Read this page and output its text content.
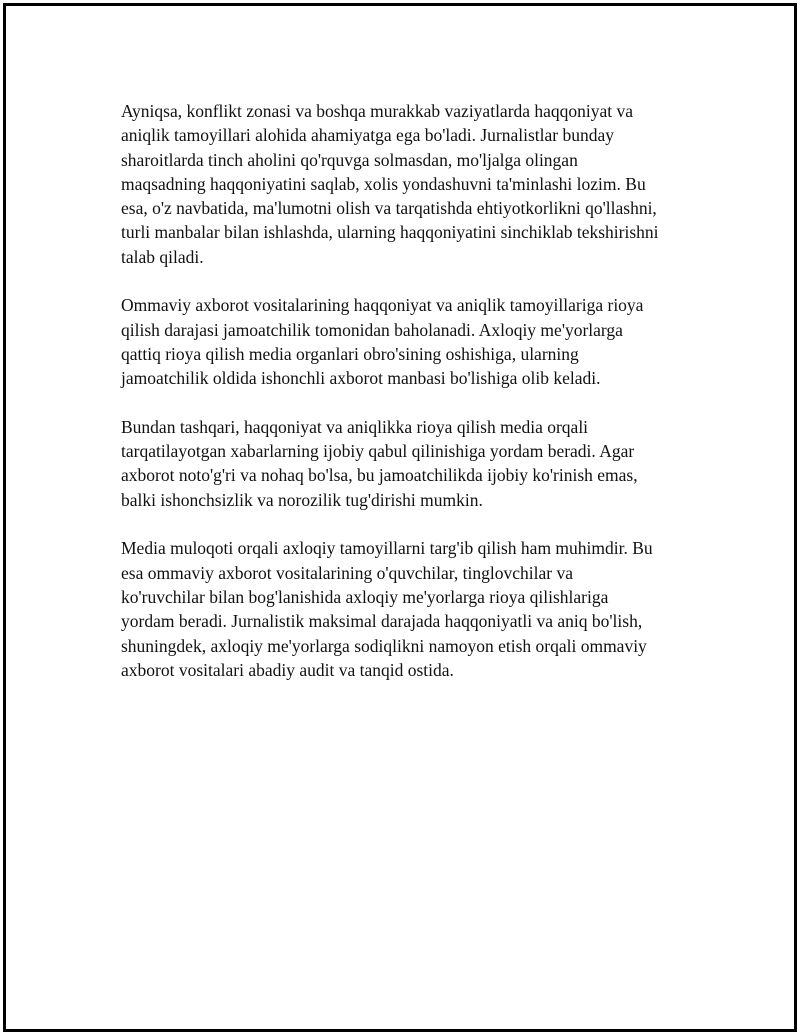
Ayniqsa, konflikt zonasi va boshqa murakkab vaziyatlarda haqqoniyat va
aniqlik tamoyillari alohida ahamiyatga ega bo'ladi. Jurnalistlar bunday
sharoitlarda tinch aholini qo'rquvga solmasdan, mo'ljalga olingan
maqsadning haqqoniyatini saqlab, xolis yondashuvni ta'minlashi lozim. Bu
esa, o'z navbatida, ma'lumotni olish va tarqatishda ehtiyotkorlikni qo'llashni,
turli manbalar bilan ishlashda, ularning haqqoniyatini sinchiklab tekshirishni
talab qiladi.

Ommaviy axborot vositalarining haqqoniyat va aniqlik tamoyillariga rioya
qilish darajasi jamoatchilik tomonidan baholanadi. Axloqiy me'yorlarga
qattiq rioya qilish media organlari obro'sining oshishiga, ularning
jamoatchilik oldida ishonchli axborot manbasi bo'lishiga olib keladi.

Bundan tashqari, haqqoniyat va aniqlikka rioya qilish media orqali
tarqatilayotgan xabarlarning ijobiy qabul qilinishiga yordam beradi. Agar
axborot noto'g'ri va nohaq bo'lsa, bu jamoatchilikda ijobiy ko'rinish emas,
balki ishonchsizlik va norozilik tug'dirishi mumkin.

Media muloqoti orqali axloqiy tamoyillarni targ'ib qilish ham muhimdir. Bu
esa ommaviy axborot vositalarining o'quvchilar, tinglovchilar va
ko'ruvchilar bilan bog'lanishida axloqiy me'yorlarga rioya qilishlariga
yordam beradi. Jurnalistik maksimal darajada haqqoniyatli va aniq bo'lish,
shuningdek, axloqiy me'yorlarga sodiqlikni namoyon etish orqali ommaviy
axborot vositalari abadiy audit va tanqid ostida.
